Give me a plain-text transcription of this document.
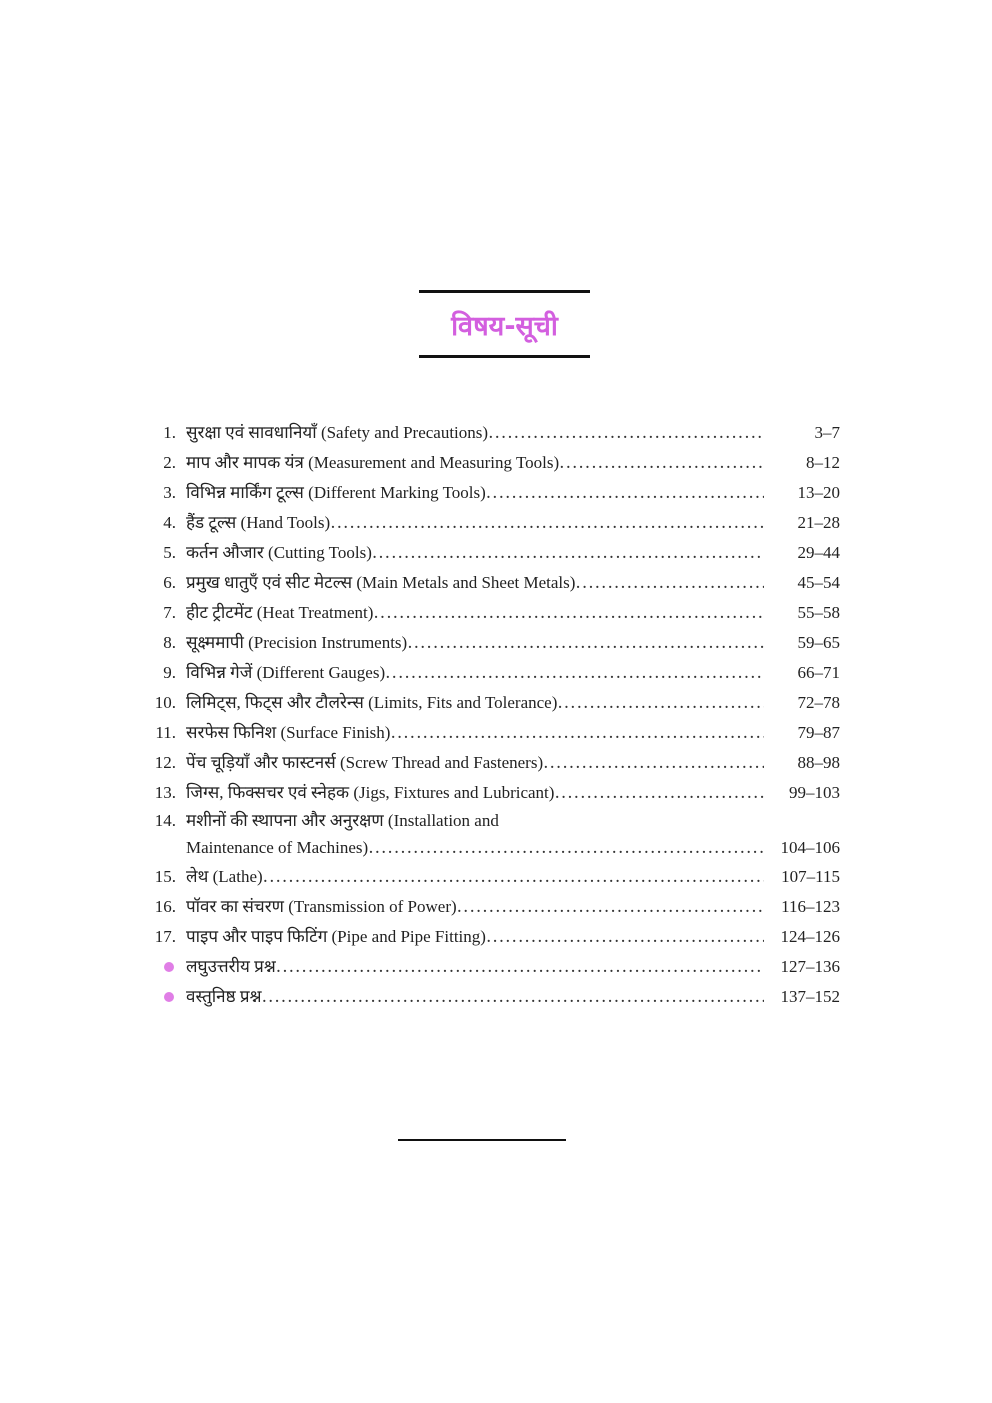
विषय-सूची
1. सुरक्षा एवं सावधानियाँ (Safety and Precautions) .....	3–7
2. माप और मापक यंत्र (Measurement and Measuring Tools) .....	8–12
3. विभिन्न मार्किंग टूल्स (Different Marking Tools) .....	13–20
4. हैंड टूल्स (Hand Tools) .....	21–28
5. कर्तन औजार (Cutting Tools) .....	29–44
6. प्रमुख धातुएँ एवं सीट मेटल्स (Main Metals and Sheet Metals) .....	45–54
7. हीट ट्रीटमेंट (Heat Treatment) .....	55–58
8. सूक्ष्ममापी (Precision Instruments) .....	59–65
9. विभिन्न गेजें (Different Gauges) .....	66–71
10. लिमिट्स, फिट्स और टौलरेन्स (Limits, Fits and Tolerance) .....	72–78
11. सरफेस फिनिश (Surface Finish) .....	79–87
12. पेंच चूड़ियाँ और फास्टनर्स (Screw Thread and Fasteners) .....	88–98
13. जिग्स, फिक्सचर एवं स्नेहक (Jigs, Fixtures and Lubricant) .....	99–103
14. मशीनों की स्थापना और अनुरक्षण (Installation and
Maintenance of Machines) .....	104–106
15. लेथ (Lathe) .....	107–115
16. पॉवर का संचरण (Transmission of Power) .....	116–123
17. पाइप और पाइप फिटिंग (Pipe and Pipe Fitting) .....	124–126
लघुउत्तरीय प्रश्न .....	127–136
वस्तुनिष्ठ प्रश्न .....	137–152
